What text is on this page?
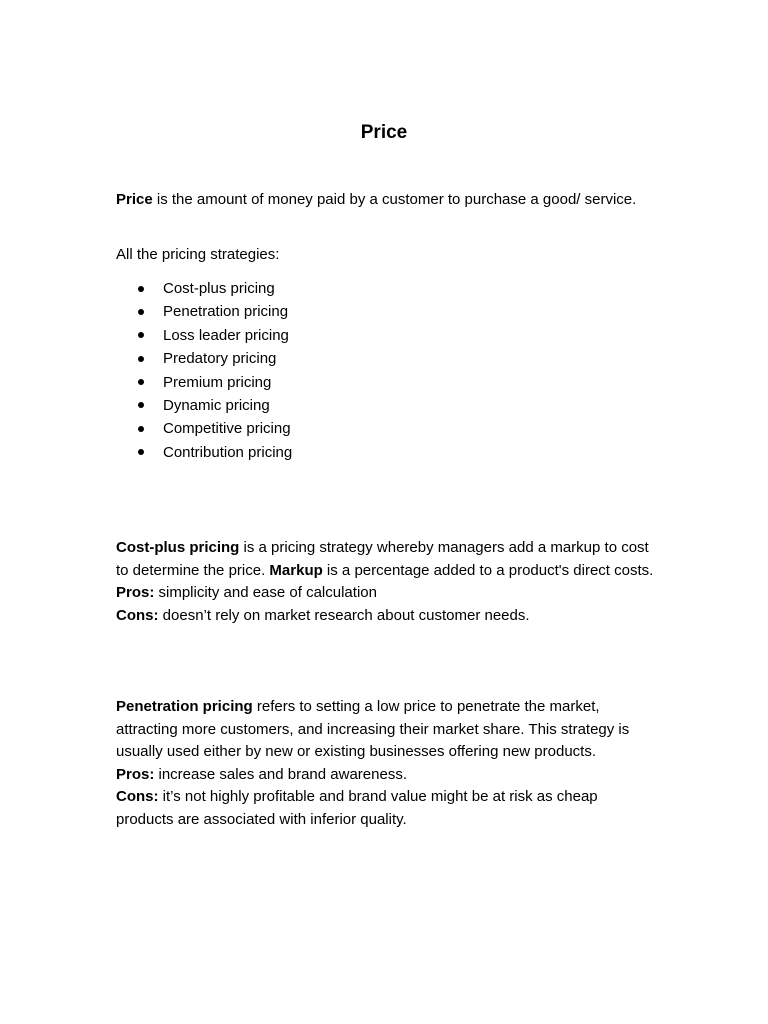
Price
Price is the amount of money paid by a customer to purchase a good/ service.
All the pricing strategies:
Cost-plus pricing
Penetration pricing
Loss leader pricing
Predatory pricing
Premium pricing
Dynamic pricing
Competitive pricing
Contribution pricing
Cost-plus pricing is a pricing strategy whereby managers add a markup to cost to determine the price. Markup is a percentage added to a product's direct costs.
Pros: simplicity and ease of calculation
Cons: doesn’t rely on market research about customer needs.
Penetration pricing refers to setting a low price to penetrate the market, attracting more customers, and increasing their market share. This strategy is usually used either by new or existing businesses offering new products.
Pros: increase sales and brand awareness.
Cons: it’s not highly profitable and brand value might be at risk as cheap products are associated with inferior quality.
